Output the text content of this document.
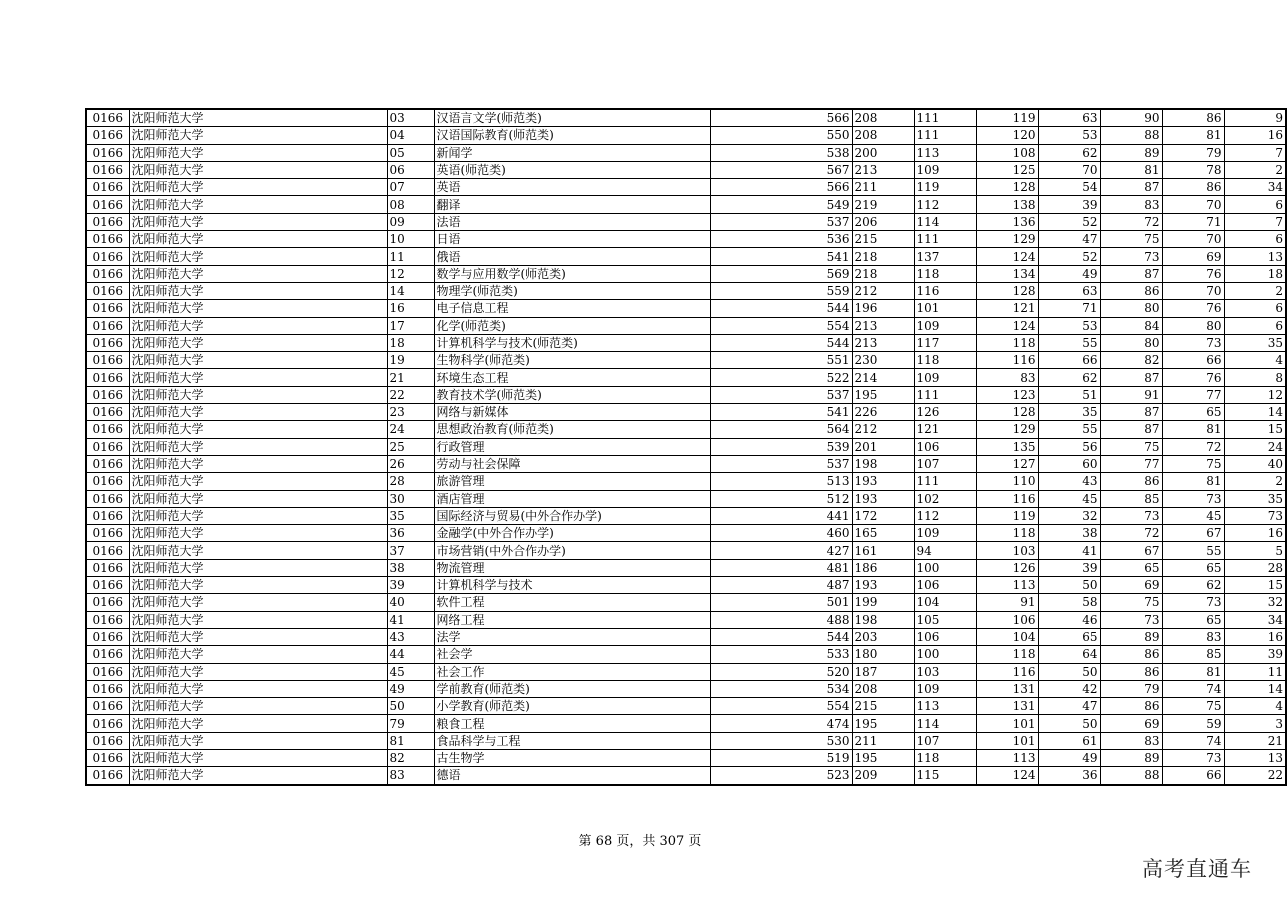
0166	沈阳师范大学	03	汉语言文学(师范类)	566	208	111	119	63	90	86	9
0166	沈阳师范大学	04	汉语国际教育(师范类)	550	208	111	120	53	88	81	16
0166	沈阳师范大学	05	新闻学	538	200	113	108	62	89	79	7
0166	沈阳师范大学	06	英语(师范类)	567	213	109	125	70	81	78	2
0166	沈阳师范大学	07	英语	566	211	119	128	54	87	86	34
0166	沈阳师范大学	08	翻译	549	219	112	138	39	83	70	6
0166	沈阳师范大学	09	法语	537	206	114	136	52	72	71	7
0166	沈阳师范大学	10	日语	536	215	111	129	47	75	70	6
0166	沈阳师范大学	11	俄语	541	218	137	124	52	73	69	13
0166	沈阳师范大学	12	数学与应用数学(师范类)	569	218	118	134	49	87	76	18
0166	沈阳师范大学	14	物理学(师范类)	559	212	116	128	63	86	70	2
0166	沈阳师范大学	16	电子信息工程	544	196	101	121	71	80	76	6
0166	沈阳师范大学	17	化学(师范类)	554	213	109	124	53	84	80	6
0166	沈阳师范大学	18	计算机科学与技术(师范类)	544	213	117	118	55	80	73	35
0166	沈阳师范大学	19	生物科学(师范类)	551	230	118	116	66	82	66	4
0166	沈阳师范大学	21	环境生态工程	522	214	109	83	62	87	76	8
0166	沈阳师范大学	22	教育技术学(师范类)	537	195	111	123	51	91	77	12
0166	沈阳师范大学	23	网络与新媒体	541	226	126	128	35	87	65	14
0166	沈阳师范大学	24	思想政治教育(师范类)	564	212	121	129	55	87	81	15
0166	沈阳师范大学	25	行政管理	539	201	106	135	56	75	72	24
0166	沈阳师范大学	26	劳动与社会保障	537	198	107	127	60	77	75	40
0166	沈阳师范大学	28	旅游管理	513	193	111	110	43	86	81	2
0166	沈阳师范大学	30	酒店管理	512	193	102	116	45	85	73	35
0166	沈阳师范大学	35	国际经济与贸易(中外合作办学)	441	172	112	119	32	73	45	73
0166	沈阳师范大学	36	金融学(中外合作办学)	460	165	109	118	38	72	67	16
0166	沈阳师范大学	37	市场营销(中外合作办学)	427	161	94	103	41	67	55	5
0166	沈阳师范大学	38	物流管理	481	186	100	126	39	65	65	28
0166	沈阳师范大学	39	计算机科学与技术	487	193	106	113	50	69	62	15
0166	沈阳师范大学	40	软件工程	501	199	104	91	58	75	73	32
0166	沈阳师范大学	41	网络工程	488	198	105	106	46	73	65	34
0166	沈阳师范大学	43	法学	544	203	106	104	65	89	83	16
0166	沈阳师范大学	44	社会学	533	180	100	118	64	86	85	39
0166	沈阳师范大学	45	社会工作	520	187	103	116	50	86	81	11
0166	沈阳师范大学	49	学前教育(师范类)	534	208	109	131	42	79	74	14
0166	沈阳师范大学	50	小学教育(师范类)	554	215	113	131	47	86	75	4
0166	沈阳师范大学	79	粮食工程	474	195	114	101	50	69	59	3
0166	沈阳师范大学	81	食品科学与工程	530	211	107	101	61	83	74	21
0166	沈阳师范大学	82	古生物学	519	195	118	113	49	89	73	13
0166	沈阳师范大学	83	德语	523	209	115	124	36	88	66	22
第 68 页，共 307 页
高考直通车
